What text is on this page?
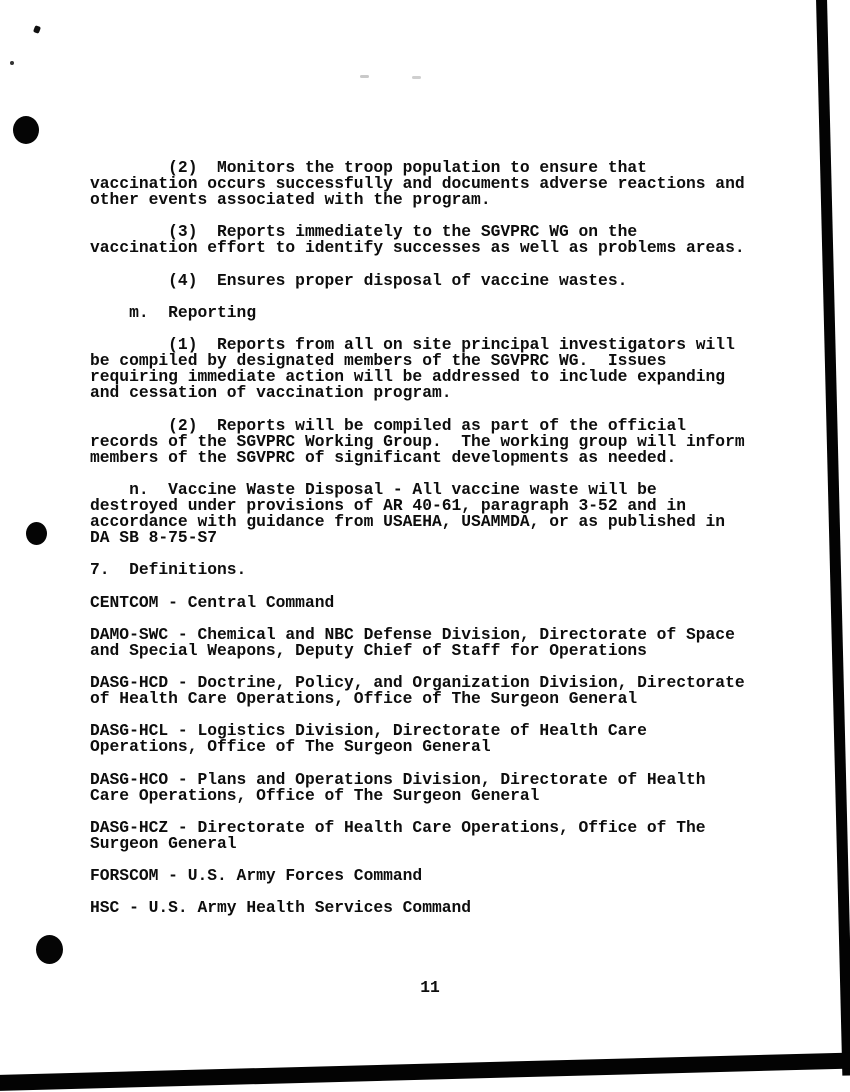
(2)  Monitors the troop population to ensure that
vaccination occurs successfully and documents adverse reactions and
other events associated with the program.
(3)  Reports immediately to the SGVPRC WG on the
vaccination effort to identify successes as well as problems areas.
(4)  Ensures proper disposal of vaccine wastes.
m.  Reporting
(1)  Reports from all on site principal investigators will
be compiled by designated members of the SGVPRC WG.  Issues
requiring immediate action will be addressed to include expanding
and cessation of vaccination program.
(2)  Reports will be compiled as part of the official
records of the SGVPRC Working Group.  The working group will inform
members of the SGVPRC of significant developments as needed.
n.  Vaccine Waste Disposal - All vaccine waste will be
destroyed under provisions of AR 40-61, paragraph 3-52 and in
accordance with guidance from USAEHA, USAMMDA, or as published in
DA SB 8-75-S7
7.  Definitions.
CENTCOM - Central Command
DAMO-SWC - Chemical and NBC Defense Division, Directorate of Space
and Special Weapons, Deputy Chief of Staff for Operations
DASG-HCD - Doctrine, Policy, and Organization Division, Directorate
of Health Care Operations, Office of The Surgeon General
DASG-HCL - Logistics Division, Directorate of Health Care
Operations, Office of The Surgeon General
DASG-HCO - Plans and Operations Division, Directorate of Health
Care Operations, Office of The Surgeon General
DASG-HCZ - Directorate of Health Care Operations, Office of The
Surgeon General
FORSCOM - U.S. Army Forces Command
HSC - U.S. Army Health Services Command
11
